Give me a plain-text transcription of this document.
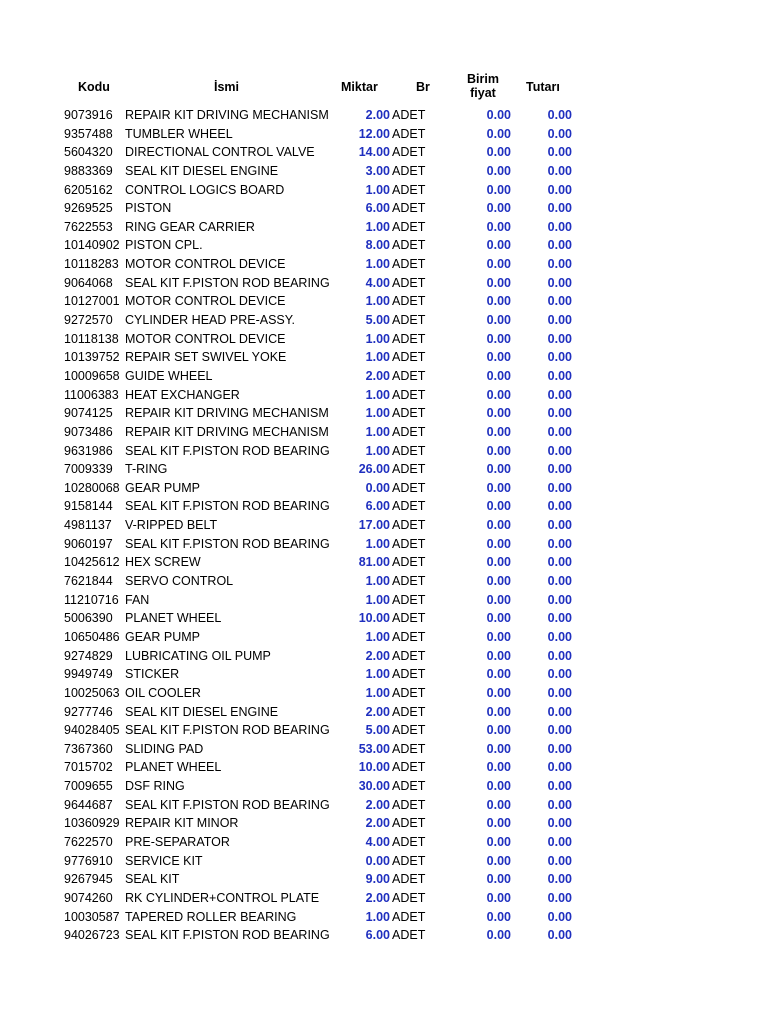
Kodu	İsmi	Miktar	Br
Birim
fiyat	Tutarı
9073916 REPAIR KIT DRIVING MECHANISM	2.00 ADET	0.00	0.00
9357488 TUMBLER WHEEL	12.00 ADET	0.00	0.00
5604320 DIRECTIONAL CONTROL VALVE	14.00 ADET	0.00	0.00
9883369 SEAL KIT DIESEL ENGINE	3.00 ADET	0.00	0.00
6205162 CONTROL LOGICS BOARD	1.00 ADET	0.00	0.00
9269525 PISTON	6.00 ADET	0.00	0.00
7622553 RING GEAR CARRIER	1.00 ADET	0.00	0.00
10140902 PISTON CPL.	8.00 ADET	0.00	0.00
10118283 MOTOR CONTROL DEVICE	1.00 ADET	0.00	0.00
9064068 SEAL KIT F.PISTON ROD BEARING	4.00 ADET	0.00	0.00
10127001 MOTOR CONTROL DEVICE	1.00 ADET	0.00	0.00
9272570 CYLINDER HEAD PRE-ASSY.	5.00 ADET	0.00	0.00
10118138 MOTOR CONTROL DEVICE	1.00 ADET	0.00	0.00
10139752 REPAIR SET SWIVEL YOKE	1.00 ADET	0.00	0.00
10009658 GUIDE WHEEL	2.00 ADET	0.00	0.00
11006383 HEAT EXCHANGER	1.00 ADET	0.00	0.00
9074125 REPAIR KIT DRIVING MECHANISM	1.00 ADET	0.00	0.00
9073486 REPAIR KIT DRIVING MECHANISM	1.00 ADET	0.00	0.00
9631986 SEAL KIT F.PISTON ROD BEARING	1.00 ADET	0.00	0.00
7009339 T-RING	26.00 ADET	0.00	0.00
10280068 GEAR PUMP	0.00 ADET	0.00	0.00
9158144 SEAL KIT F.PISTON ROD BEARING	6.00 ADET	0.00	0.00
4981137 V-RIPPED BELT	17.00 ADET	0.00	0.00
9060197 SEAL KIT F.PISTON ROD BEARING	1.00 ADET	0.00	0.00
10425612 HEX SCREW	81.00 ADET	0.00	0.00
7621844 SERVO CONTROL	1.00 ADET	0.00	0.00
11210716 FAN	1.00 ADET	0.00	0.00
5006390 PLANET WHEEL	10.00 ADET	0.00	0.00
10650486 GEAR PUMP	1.00 ADET	0.00	0.00
9274829 LUBRICATING OIL PUMP	2.00 ADET	0.00	0.00
9949749 STICKER	1.00 ADET	0.00	0.00
10025063 OIL COOLER	1.00 ADET	0.00	0.00
9277746 SEAL KIT DIESEL ENGINE	2.00 ADET	0.00	0.00
94028405 SEAL KIT F.PISTON ROD BEARING	5.00 ADET	0.00	0.00
7367360 SLIDING PAD	53.00 ADET	0.00	0.00
7015702 PLANET WHEEL	10.00 ADET	0.00	0.00
7009655 DSF RING	30.00 ADET	0.00	0.00
9644687 SEAL KIT F.PISTON ROD BEARING	2.00 ADET	0.00	0.00
10360929 REPAIR KIT MINOR	2.00 ADET	0.00	0.00
7622570 PRE-SEPARATOR	4.00 ADET	0.00	0.00
9776910 SERVICE KIT	0.00 ADET	0.00	0.00
9267945 SEAL KIT	9.00 ADET	0.00	0.00
9074260 RK CYLINDER+CONTROL PLATE	2.00 ADET	0.00	0.00
10030587 TAPERED ROLLER BEARING	1.00 ADET	0.00	0.00
94026723 SEAL KIT F.PISTON ROD BEARING	6.00 ADET	0.00	0.00
